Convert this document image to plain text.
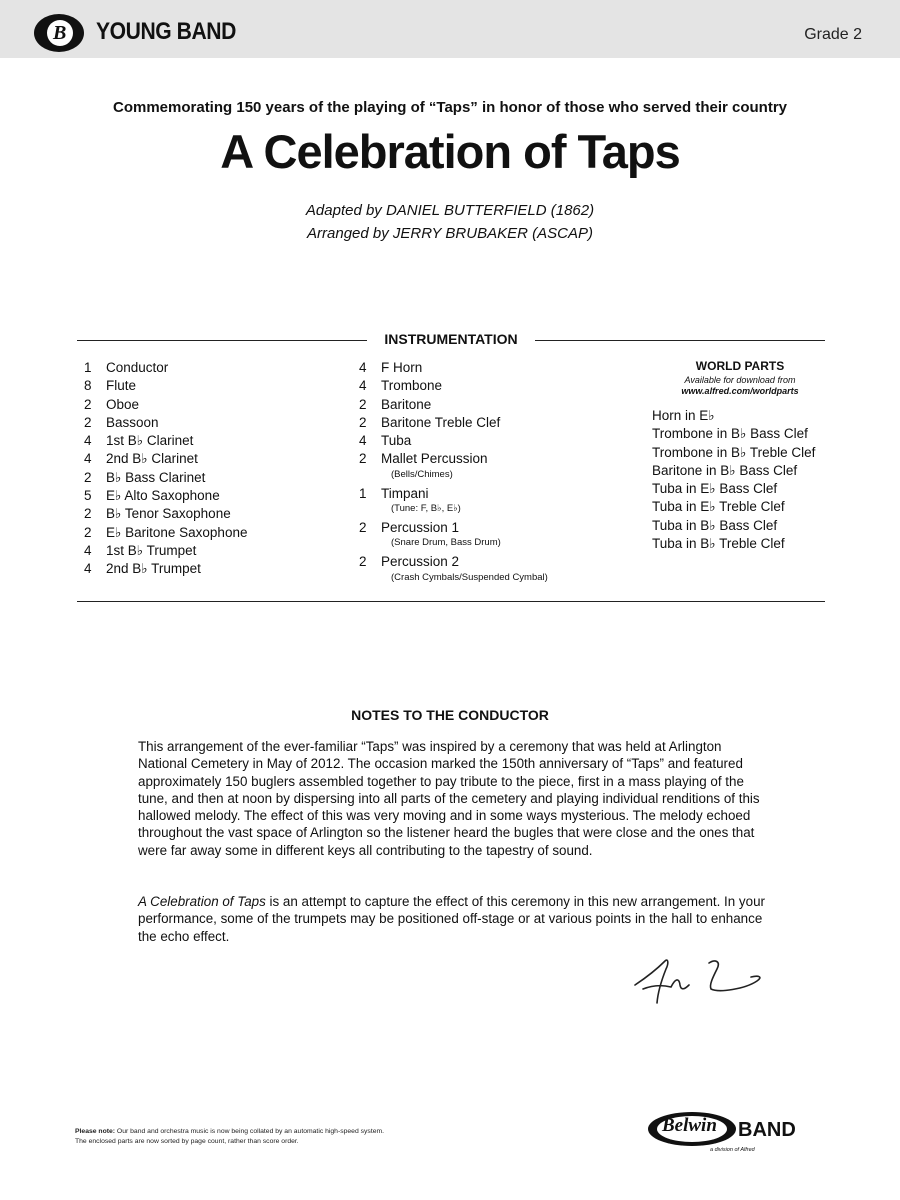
B YOUNG BAND	Grade 2
Commemorating 150 years of the playing of “Taps” in honor of those who served their country
A Celebration of Taps
Adapted by DANIEL BUTTERFIELD (1862)
Arranged by JERRY BRUBAKER (ASCAP)
INSTRUMENTATION
1	Conductor
8	Flute
2	Oboe
2	Bassoon
4	1st B♭ Clarinet
4	2nd B♭ Clarinet
2	B♭ Bass Clarinet
5	E♭ Alto Saxophone
2	B♭ Tenor Saxophone
2	E♭ Baritone Saxophone
4	1st B♭ Trumpet
4	2nd B♭ Trumpet
4	F Horn
4	Trombone
2	Baritone
2	Baritone Treble Clef
4	Tuba
2	Mallet Percussion
(Bells/Chimes)
1	Timpani
(Tune: F, B♭, E♭)
2	Percussion 1
(Snare Drum, Bass Drum)
2	Percussion 2
(Crash Cymbals/Suspended Cymbal)
WORLD PARTS
Available for download from
www.alfred.com/worldparts
Horn in E♭
Trombone in B♭ Bass Clef
Trombone in B♭ Treble Clef
Baritone in B♭ Bass Clef
Tuba in E♭ Bass Clef
Tuba in E♭ Treble Clef
Tuba in B♭ Bass Clef
Tuba in B♭ Treble Clef
NOTES TO THE CONDUCTOR

This arrangement of the ever-familiar “Taps” was inspired by a ceremony that was held at Arlington National Cemetery in May of 2012. The occasion marked the 150th anniversary of “Taps” and featured approximately 150 buglers assembled together to pay tribute to the piece, first in a mass playing of the tune, and then at noon by dispersing into all parts of the cemetery and playing individual renditions of this hallowed melody. The effect of this was very moving and in some ways mysterious. The melody echoed throughout the vast space of Arlington so the listener heard the bugles that were close and the ones that were far away some in different keys all contributing to the tapestry of sound.

A Celebration of Taps is an attempt to capture the effect of this ceremony in this new arrangement. In your performance, some of the trumpets may be positioned off-stage or at various points in the hall to enhance the echo effect.

Please note: Our band and orchestra music is now being collated by an automatic high-speed system.
The enclosed parts are now sorted by page count, rather than score order.
Belwin BAND
a division of Alfred
